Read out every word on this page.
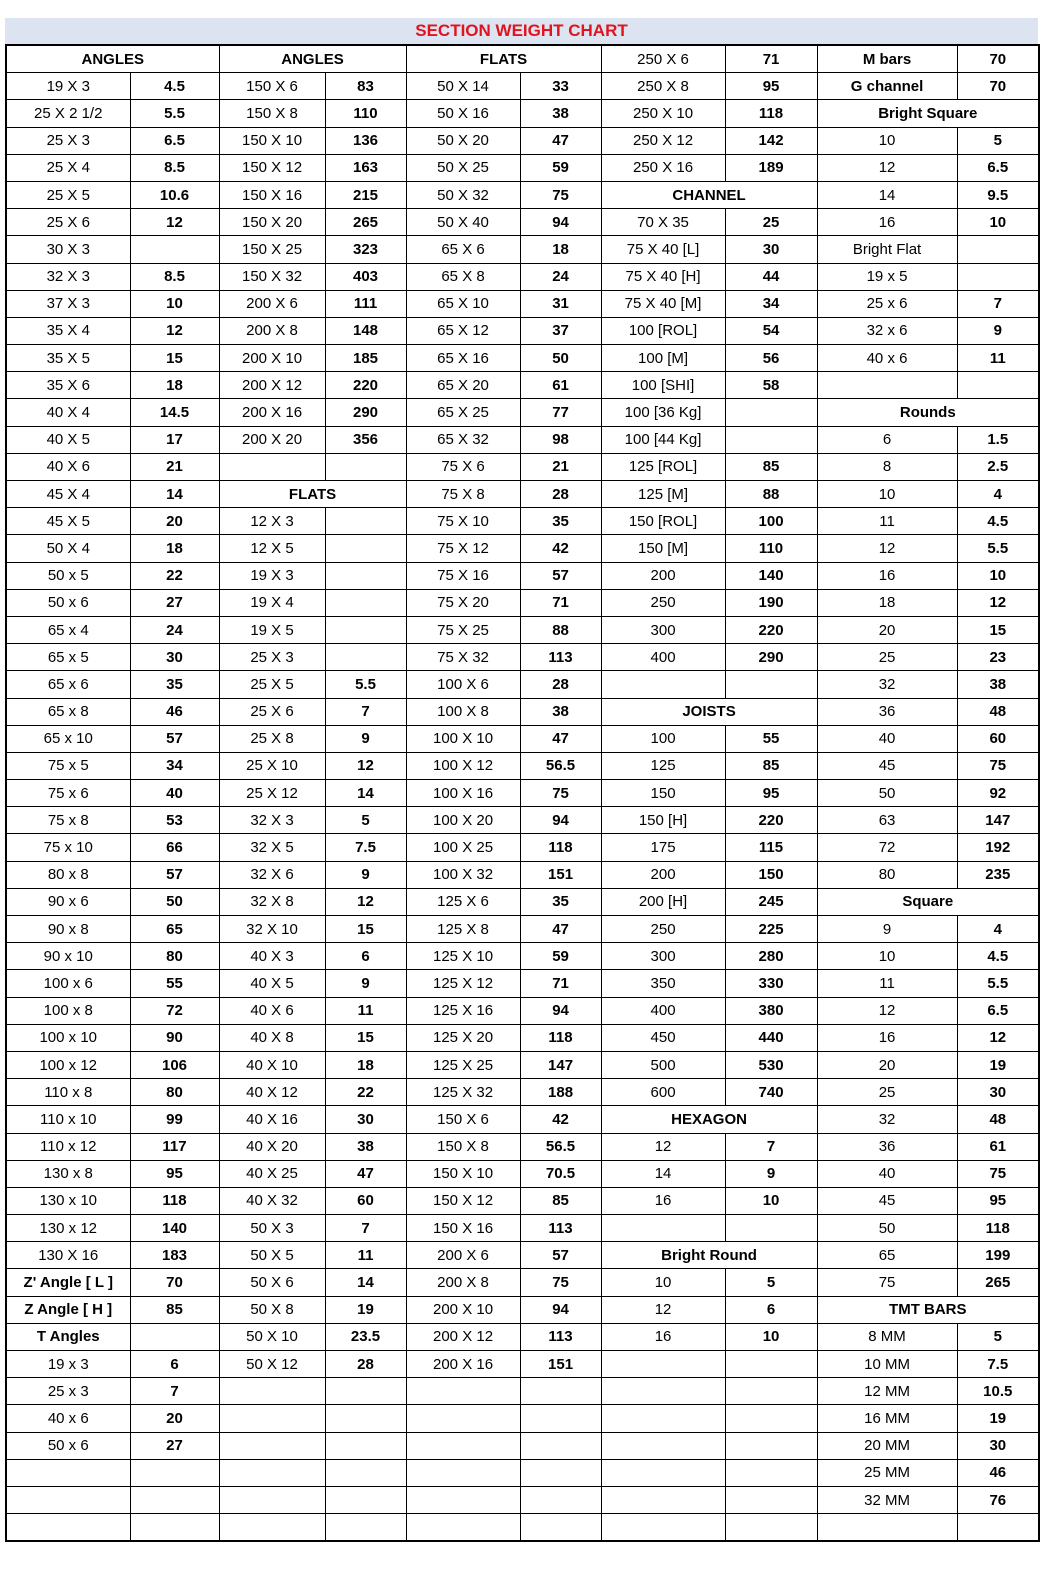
SECTION WEIGHT CHART
ANGLES		ANGLES		FLATS		250 X 6	71	M bars	70
19 X 3	4.5	150 X 6	83	50 X 14	33	250 X 8	95	G channel	70
25 X 2 1/2	5.5	150 X 8	110	50 X 16	38	250 X 10	118	Bright Square	
25 X 3	6.5	150 X 10	136	50 X 20	47	250 X 12	142	10	5
25 X 4	8.5	150 X 12	163	50 X 25	59	250 X 16	189	12	6.5
25 X 5	10.6	150 X 16	215	50 X 32	75	CHANNEL		14	9.5
25 X 6	12	150 X 20	265	50 X 40	94	70 X 35	25	16	10
30 X 3		150 X 25	323	65 X 6	18	75 X 40 [L]	30	Bright Flat	
32 X 3	8.5	150 X 32	403	65 X 8	24	75 X 40 [H]	44	19 x 5	
37 X 3	10	200 X 6	111	65 X 10	31	75 X 40 [M]	34	25 x 6	7
35 X 4	12	200 X 8	148	65 X 12	37	100 [ROL]	54	32 x 6	9
35 X 5	15	200 X 10	185	65 X 16	50	100 [M]	56	40 x 6	11
35 X 6	18	200 X 12	220	65 X 20	61	100 [SHI]	58		
40 X 4	14.5	200 X 16	290	65 X 25	77	100 [36 Kg]		Rounds	
40 X 5	17	200 X 20	356	65 X 32	98	100 [44 Kg]		6	1.5
40 X 6	21			75 X 6	21	125 [ROL]	85	8	2.5
45 X 4	14	FLATS		75 X 8	28	125 [M]	88	10	4
45 X 5	20	12 X 3		75 X 10	35	150 [ROL]	100	11	4.5
50 X 4	18	12 X 5		75 X 12	42	150 [M]	110	12	5.5
50 x 5	22	19 X 3		75 X 16	57	200	140	16	10
50 x 6	27	19 X 4		75 X 20	71	250	190	18	12
65 x 4	24	19 X 5		75 X 25	88	300	220	20	15
65 x 5	30	25 X 3		75 X 32	113	400	290	25	23
65 x 6	35	25 X 5	5.5	100 X 6	28			32	38
65 x 8	46	25 X 6	7	100 X 8	38	JOISTS		36	48
65 x 10	57	25 X 8	9	100 X 10	47	100	55	40	60
75 x 5	34	25 X 10	12	100 X 12	56.5	125	85	45	75
75 x 6	40	25 X 12	14	100 X 16	75	150	95	50	92
75 x 8	53	32 X 3	5	100 X 20	94	150 [H]	220	63	147
75 x 10	66	32 X 5	7.5	100 X 25	118	175	115	72	192
80 x 8	57	32 X 6	9	100 X 32	151	200	150	80	235
90 x 6	50	32 X 8	12	125 X 6	35	200 [H]	245	Square	
90 x 8	65	32 X 10	15	125 X 8	47	250	225	9	4
90 x 10	80	40 X 3	6	125 X 10	59	300	280	10	4.5
100 x 6	55	40 X 5	9	125 X 12	71	350	330	11	5.5
100 x 8	72	40 X 6	11	125 X 16	94	400	380	12	6.5
100 x 10	90	40 X 8	15	125 X 20	118	450	440	16	12
100 x 12	106	40 X 10	18	125 X 25	147	500	530	20	19
110 x 8	80	40 X 12	22	125 X 32	188	600	740	25	30
110 x 10	99	40 X 16	30	150 X 6	42	HEXAGON		32	48
110 x 12	117	40 X 20	38	150 X 8	56.5	12	7	36	61
130 x 8	95	40 X 25	47	150 X 10	70.5	14	9	40	75
130 x 10	118	40 X 32	60	150 X 12	85	16	10	45	95
130 x 12	140	50 X 3	7	150 X 16	113			50	118
130 X 16	183	50 X 5	11	200 X 6	57	Bright Round		65	199
Z' Angle [ L ]	70	50 X 6	14	200 X 8	75	10	5	75	265
Z Angle [ H ]	85	50 X 8	19	200 X 10	94	12	6	TMT BARS	
T Angles		50 X 10	23.5	200 X 12	113	16	10	8 MM	5
19 x 3	6	50 X 12	28	200 X 16	151			10 MM	7.5
25 x 3	7							12 MM	10.5
40 x 6	20							16 MM	19
50 x 6	27							20 MM	30
								25 MM	46
								32 MM	76
